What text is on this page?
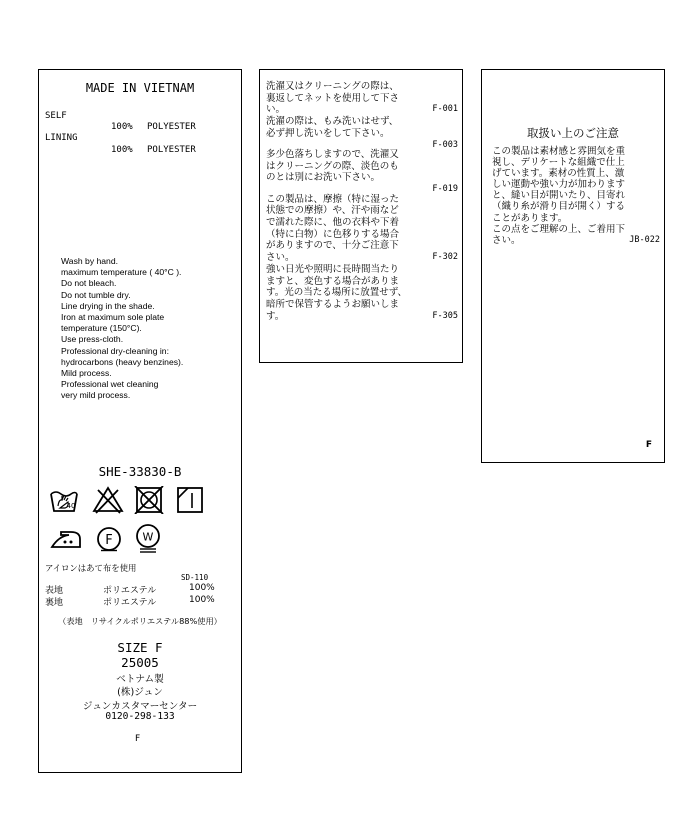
MADE IN VIETNAM
SELF
100% POLYESTER
LINING
100% POLYESTER
Wash by hand.
maximum temperature ( 40°C ).
Do not bleach.
Do not tumble dry.
Line drying in the shade.
Iron at maximum sole plate
temperature (150°C).
Use press-cloth.
Professional dry-cleaning in:
hydrocarbons (heavy benzines).
Mild process.
Professional wet cleaning
very mild process.
SHE-33830-B
40
F	W
アイロンはあて布を使用
SD-110
表地	ポリエステル	100%
裏地	ポリエステル	100%
（表地　リサイクルポリエステル88%使用）
SIZE F
25005
ベトナム製
(株)ジュン
ジュンカスタマーセンター
0120-298-133
F
洗濯又はクリーニングの際は、
裏返してネットを使用して下さ
い。	F-001
洗濯の際は、もみ洗いはせず、
必ず押し洗いをして下さい。
F-003
多少色落ちしますので、洗濯又
はクリーニングの際、淡色のも
のとは別にお洗い下さい。
F-019
この製品は、摩擦（特に湿った
状態での摩擦）や、汗や雨など
で濡れた際に、他の衣料や下着
（特に白物）に色移りする場合
がありますので、十分ご注意下
さい。	F-302
強い日光や照明に長時間当たり
ますと、変色する場合がありま
す。光の当たる場所に放置せず、
暗所で保管するようお願いしま
す。	F-305
取扱い上のご注意
この製品は素材感と雰囲気を重
視し、デリケートな組織で仕上
げています。素材の性質上、激
しい運動や強い力が加わります
と、縫い目が開いたり、目寄れ
（織り糸が滑り目が開く）する
ことがあります。
この点をご理解の上、ご着用下
さい。	JB-022
F
